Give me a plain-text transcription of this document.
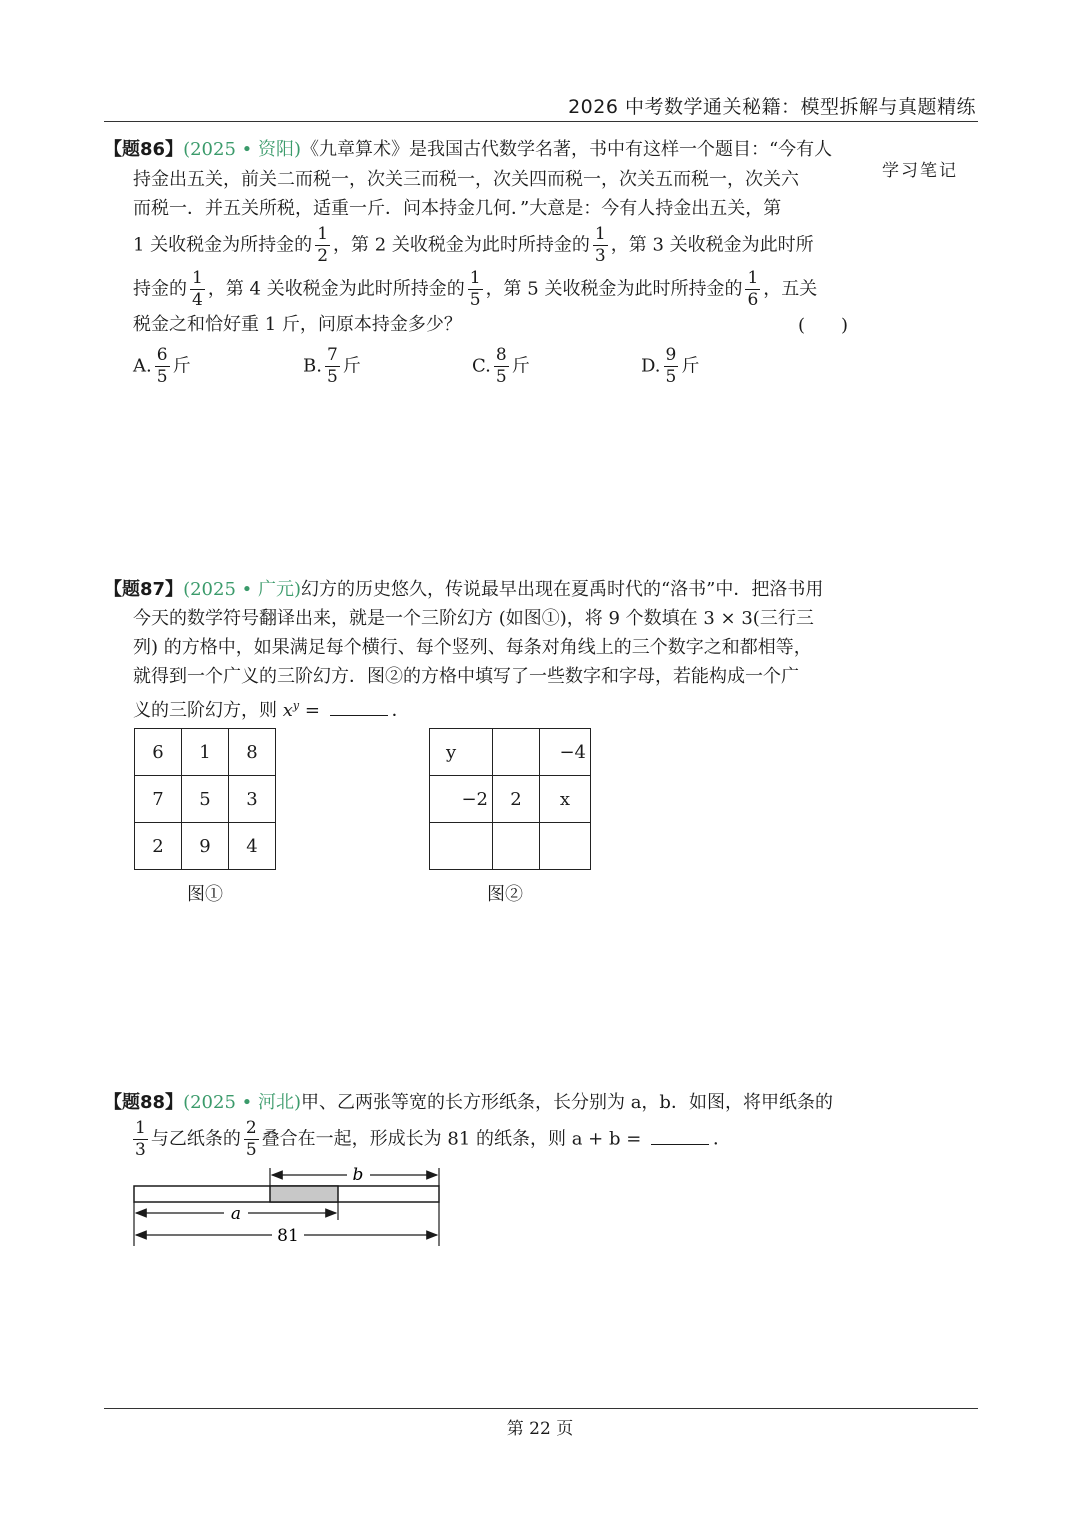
2026 中考数学通关秘籍：模型拆解与真题精练
学习笔记
【题86】(2025 • 资阳)《九章算术》是我国古代数学名著，书中有这样一个题目：“今有人
持金出五关，前关二而税一，次关三而税一，次关四而税一，次关五而税一，次关六
而税一．并五关所税，适重一斤．问本持金几何．”大意是：今有人持金出五关，第
1 关收税金为所持金的 $\frac{1}{2}$ ，第 2 关收税金为此时所持金的 $\frac{1}{3}$ ，第 3 关收税金为此时所
持金的 $\frac{1}{4}$ ，第 4 关收税金为此时所持金的 $\frac{1}{5}$ ，第 5 关收税金为此时所持金的 $\frac{1}{6}$ ，五关
税金之和恰好重 1 斤，问原本持金多少？	(　　)
A. $\frac{6}{5}$ 斤	B. $\frac{7}{5}$ 斤	C. $\frac{8}{5}$ 斤	D. $\frac{9}{5}$ 斤
【题87】(2025 • 广元)幻方的历史悠久，传说最早出现在夏禹时代的“洛书”中．把洛书用
今天的数学符号翻译出来，就是一个三阶幻方 (如图①)，将 9 个数填在 3 × 3(三行三
列) 的方格中，如果满足每个横行、每个竖列、每条对角线上的三个数字之和都相等，
就得到一个广义的三阶幻方．图②的方格中填写了一些数字和字母，若能构成一个广
义的三阶幻方，则 $x^y$ =	．
6	1	8
7	5	3
2	9	4
图①
y		−4
−2	2	x

图②
【题88】(2025 • 河北)甲、乙两张等宽的长方形纸条，长分别为 a，b．如图，将甲纸条的
$\frac{1}{3}$ 与乙纸条的 $\frac{2}{5}$ 叠合在一起，形成长为 81 的纸条，则 a + b =	．
b
a
81
第 22 页
